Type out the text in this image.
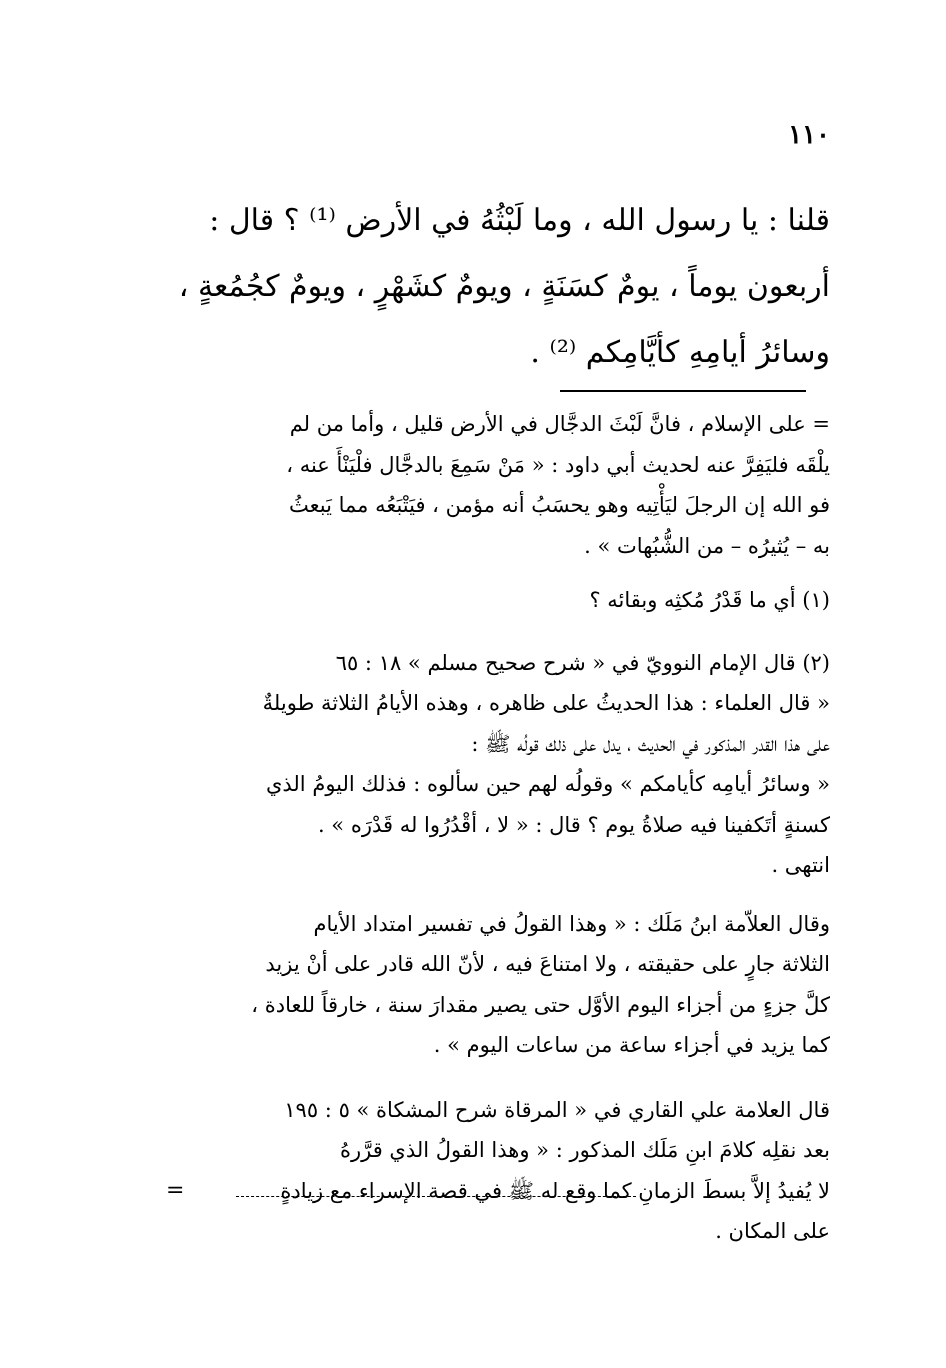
١١٠

قلنا : يا رسول الله ، وما لَبْثُهُ في الأرض ⁽¹⁾ ؟ قال :

أربعون يوماً ، يومٌ كسَنَةٍ ، ويومٌ كشَهْرٍ ، ويومٌ كجُمُعةٍ ،

وسائرُ أيامِهِ كأيَّامِكم ⁽²⁾ .

= على الإسلام ، فانَّ لَبْثَ الدجَّال في الأرض قليل ، وأما من لم

يلْقَه فليَفِرَّ عنه لحديث أبي داود : « مَنْ سَمِعَ بالدجَّال فلْيَنْأَ عنه ،

فو الله إن الرجلَ ليَأْتِيه وهو يحسَبُ أنه مؤمن ، فيَتْبَعُه مما يَبعثُ

به – يُثيرُه – من الشُّبُهات » .

(١) أي ما قَدْرُ مُكثِه وبقائه ؟

(٢) قال الإمام النوويّ في « شرح صحيح مسلم » ١٨ : ٦٥

« قال العلماء : هذا الحديثُ على ظاهره ، وهذه الأيامُ الثلاثة طويلةٌ

على هذا القدر المذكور في الحديث ، يدل على ذلك قولُه ﷺ :

« وسائرُ أيامِه كأيامكم » وقولُه لهم حين سألوه : فذلك اليومُ الذي

كسنةٍ أتَكفينا فيه صلاةُ يوم ؟ قال : « لا ، أقْدُرُوا له قَدْرَه » .

انتهى .

وقال العلاّمة ابنُ مَلَك : « وهذا القولُ في تفسير امتداد الأيام

الثلاثة جارٍ على حقيقته ، ولا امتناعَ فيه ، لأنّ الله قادر على أنْ يزيد

كلَّ جزءٍ من أجزاء اليوم الأوَّل حتى يصير مقدارَ سنة ، خارقاً للعادة ،

كما يزيد في أجزاء ساعة من ساعات اليوم » .

قال العلامة علي القاري في « المرقاة شرح المشكاة » ٥ : ١٩٥

بعد نقلِه كلامَ ابنِ مَلَك المذكور : « وهذا القولُ الذي قرَّرهُ

لا يُفيدُ إلاَّ بسطَ الزمانِ كما وقع له ﷺ في قصة الإسراء مع زيادةٍ

على المكان .

=
